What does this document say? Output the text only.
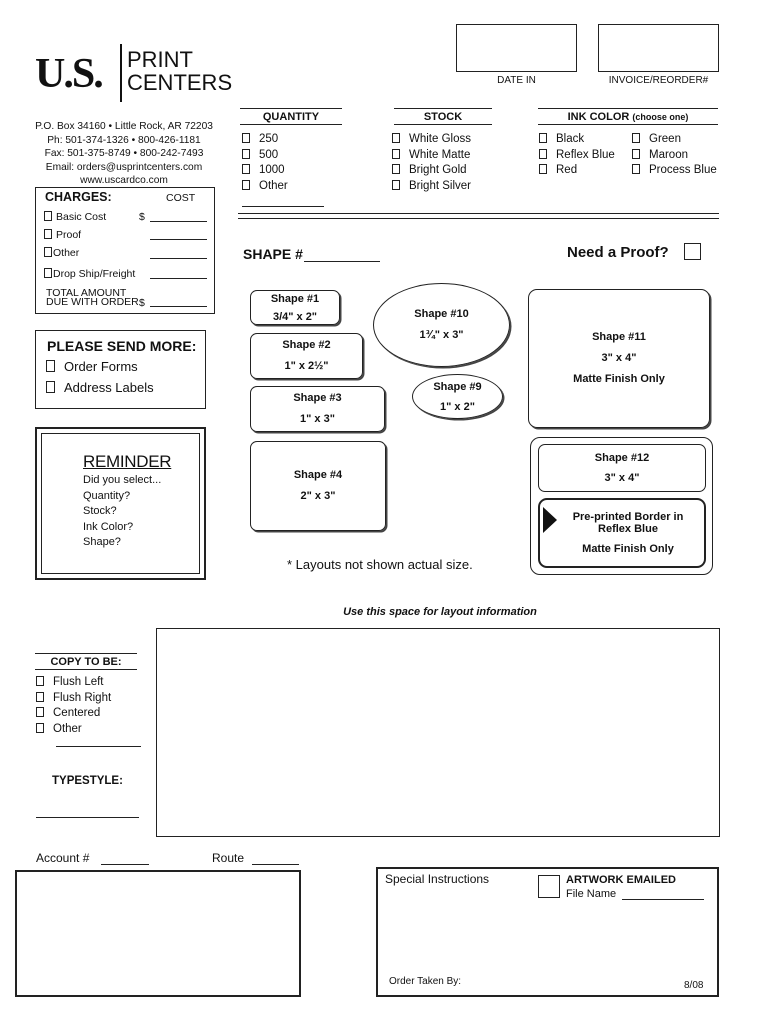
U.S. PRINT
CENTERS
P.O. Box 34160 • Little Rock, AR 72203
Ph: 501-374-1326 • 800-426-1181
Fax: 501-375-8749 • 800-242-7493
Email: orders@usprintcenters.com
www.uscardco.com
DATE IN	INVOICE/REORDER#
QUANTITY
250
500
1000
Other
STOCK
White Gloss
White Matte
Bright Gold
Bright Silver
INK COLOR (choose one)
Black
Reflex Blue
Red
Green
Maroon
Process Blue
CHARGES:	COST
Basic Cost	$
Proof
Other
Drop Ship/Freight
TOTAL AMOUNT
DUE WITH ORDER $
PLEASE SEND MORE:
Order Forms
Address Labels
REMINDER
Did you select...
Quantity?
Stock?
Ink Color?
Shape?
SHAPE #	Need a Proof?
Shape #1
3/4" x 2"
Shape #2
1" x 2½"
Shape #3
1" x 3"
Shape #4
2" x 3"
Shape #10
1¾" x 3"
Shape #9
1" x 2"
Shape #11
3" x 4"
Matte Finish Only
Shape #12
3" x 4"
Pre-printed Border in
Reflex Blue
Matte Finish Only
* Layouts not shown actual size.
Use this space for layout information
COPY TO BE:
Flush Left
Flush Right
Centered
Other
TYPESTYLE:
Account #	Route
Special Instructions	ARTWORK EMAILED
File Name
Order Taken By:	8/08
